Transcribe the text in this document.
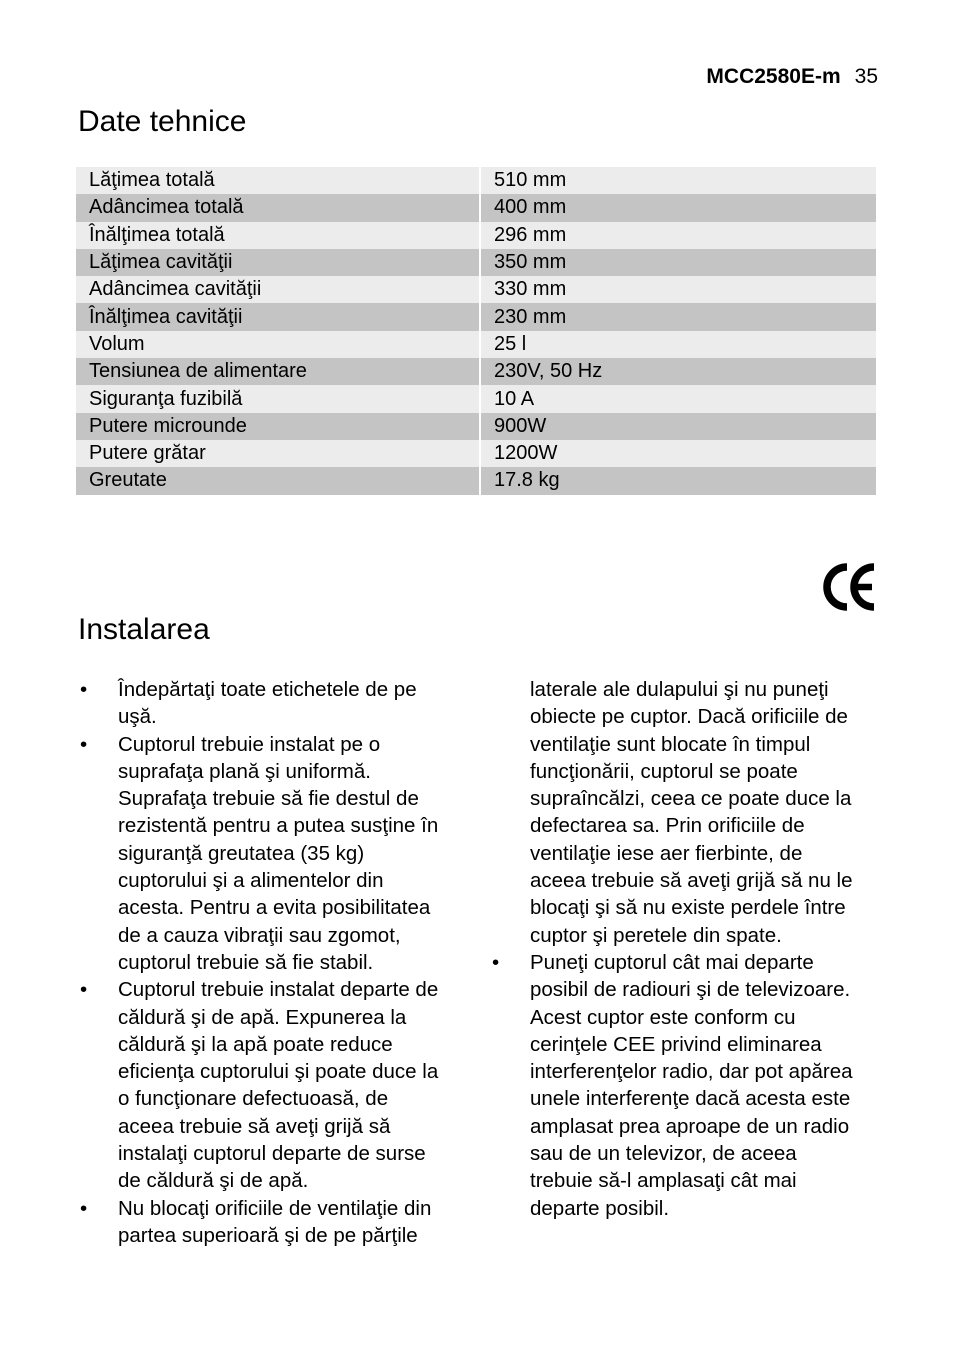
MCC2580E-m 35
Date tehnice
Lăţimea totală	510 mm
Adâncimea totală	400 mm
Înălţimea totală	296 mm
Lăţimea cavităţii	350 mm
Adâncimea cavităţii	330 mm
Înălţimea cavităţii	230 mm
Volum	25 l
Tensiunea de alimentare	230V, 50 Hz
Siguranţa fuzibilă	10 A
Putere microunde	900W
Putere grătar	1200W
Greutate	17.8 kg
Instalarea
• Îndepărtaţi toate etichetele de pe
uşă.
• Cuptorul trebuie instalat pe o
suprafaţa plană şi uniformă.
Suprafaţa trebuie să fie destul de
rezistentă pentru a putea susţine în
siguranţă greutatea (35 kg)
cuptorului şi a alimentelor din
acesta. Pentru a evita posibilitatea
de a cauza vibraţii sau zgomot,
cuptorul trebuie să fie stabil.
• Cuptorul trebuie instalat departe de
căldură şi de apă. Expunerea la
căldură şi la apă poate reduce
eficienţa cuptorului şi poate duce la
o funcţionare defectuoasă, de
aceea trebuie să aveţi grijă să
instalaţi cuptorul departe de surse
de căldură şi de apă.
• Nu blocaţi orificiile de ventilaţie din
partea superioară şi de pe părţile
laterale ale dulapului şi nu puneţi
obiecte pe cuptor. Dacă orificiile de
ventilaţie sunt blocate în timpul
funcţionării, cuptorul se poate
supraîncălzi, ceea ce poate duce la
defectarea sa. Prin orificiile de
ventilaţie iese aer fierbinte, de
aceea trebuie să aveţi grijă să nu le
blocaţi şi să nu existe perdele între
cuptor şi peretele din spate.
• Puneţi cuptorul cât mai departe
posibil de radiouri şi de televizoare.
Acest cuptor este conform cu
cerinţele CEE privind eliminarea
interferenţelor radio, dar pot apărea
unele interferenţe dacă acesta este
amplasat prea aproape de un radio
sau de un televizor, de aceea
trebuie să-l amplasaţi cât mai
departe posibil.
